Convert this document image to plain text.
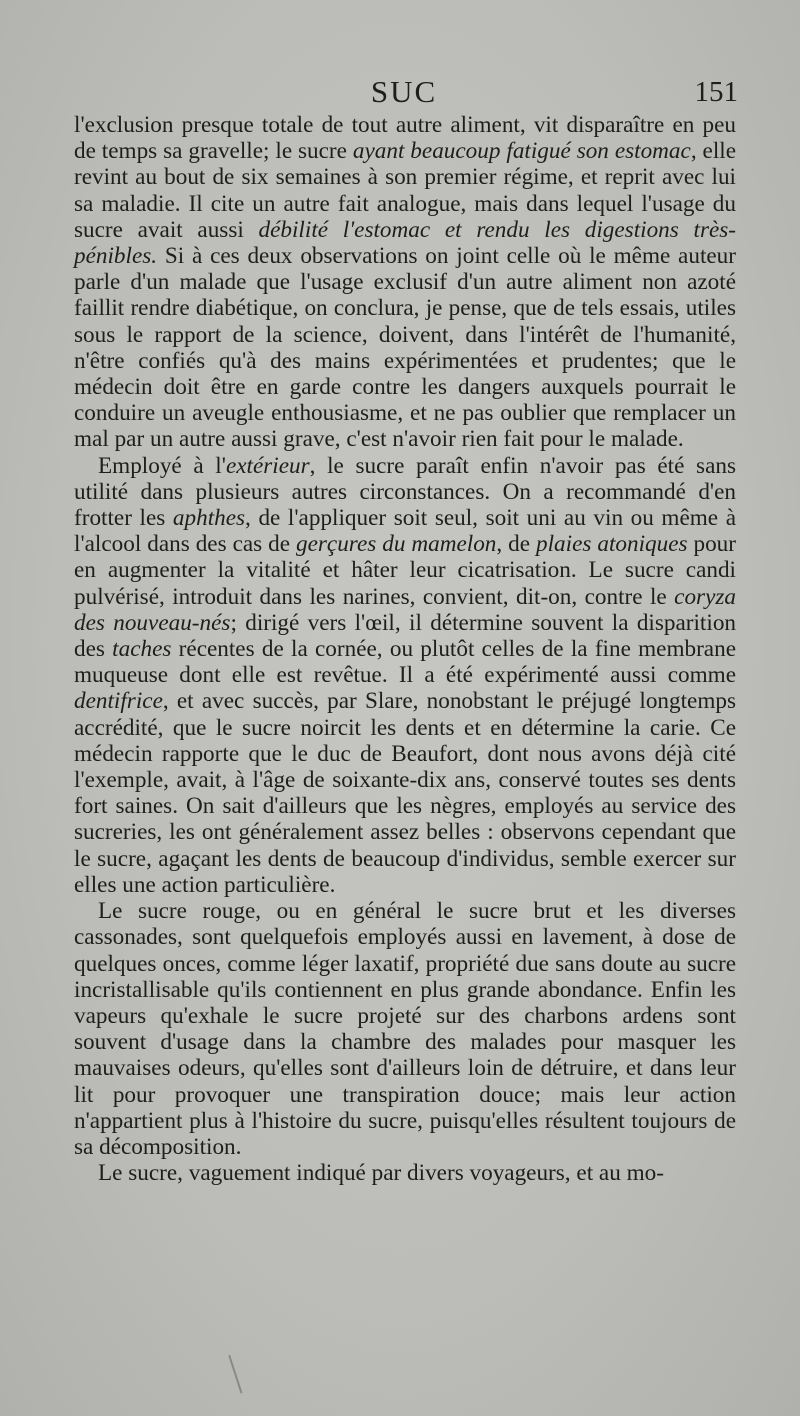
SUC	151

l'exclusion presque totale de tout autre aliment, vit disparaître en peu de temps sa gravelle; le sucre ayant beaucoup fatigué son estomac, elle revint au bout de six semaines à son premier régime, et reprit avec lui sa maladie. Il cite un autre fait analogue, mais dans lequel l'usage du sucre avait aussi débilité l'estomac et rendu les digestions très-pénibles. Si à ces deux observations on joint celle où le même auteur parle d'un malade que l'usage exclusif d'un autre aliment non azoté faillit rendre diabétique, on conclura, je pense, que de tels essais, utiles sous le rapport de la science, doivent, dans l'intérêt de l'humanité, n'être confiés qu'à des mains expérimentées et prudentes; que le médecin doit être en garde contre les dangers auxquels pourrait le conduire un aveugle enthousiasme, et ne pas oublier que remplacer un mal par un autre aussi grave, c'est n'avoir rien fait pour le malade.

Employé à l'extérieur, le sucre paraît enfin n'avoir pas été sans utilité dans plusieurs autres circonstances. On a recommandé d'en frotter les aphthes, de l'appliquer soit seul, soit uni au vin ou même à l'alcool dans des cas de gerçures du mamelon, de plaies atoniques pour en augmenter la vitalité et hâter leur cicatrisation. Le sucre candi pulvérisé, introduit dans les narines, convient, dit-on, contre le coryza des nouveau-nés; dirigé vers l'œil, il détermine souvent la disparition des taches récentes de la cornée, ou plutôt celles de la fine membrane muqueuse dont elle est revêtue. Il a été expérimenté aussi comme dentifrice, et avec succès, par Slare, nonobstant le préjugé longtemps accrédité, que le sucre noircit les dents et en détermine la carie. Ce médecin rapporte que le duc de Beaufort, dont nous avons déjà cité l'exemple, avait, à l'âge de soixante-dix ans, conservé toutes ses dents fort saines. On sait d'ailleurs que les nègres, employés au service des sucreries, les ont généralement assez belles : observons cependant que le sucre, agaçant les dents de beaucoup d'individus, semble exercer sur elles une action particulière.

Le sucre rouge, ou en général le sucre brut et les diverses cassonades, sont quelquefois employés aussi en lavement, à dose de quelques onces, comme léger laxatif, propriété due sans doute au sucre incristallisable qu'ils contiennent en plus grande abondance. Enfin les vapeurs qu'exhale le sucre projeté sur des charbons ardens sont souvent d'usage dans la chambre des malades pour masquer les mauvaises odeurs, qu'elles sont d'ailleurs loin de détruire, et dans leur lit pour provoquer une transpiration douce; mais leur action n'appartient plus à l'histoire du sucre, puisqu'elles résultent toujours de sa décomposition.

Le sucre, vaguement indiqué par divers voyageurs, et au mo-
